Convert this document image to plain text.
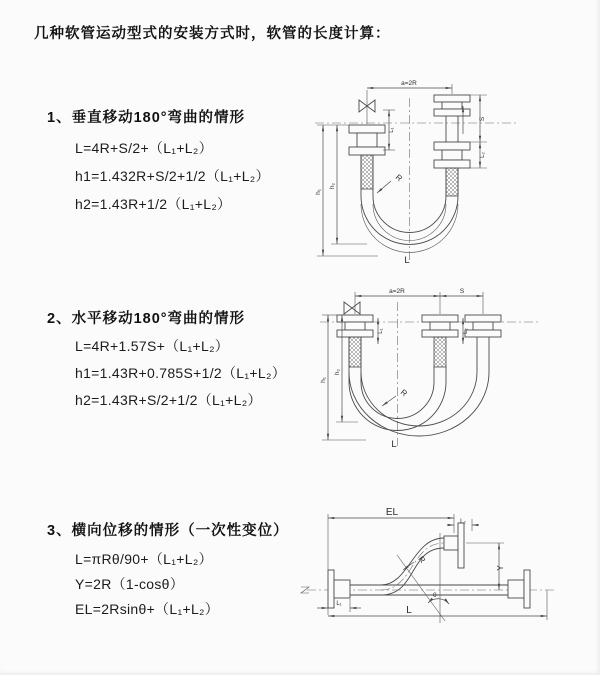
几种软管运动型式的安装方式时，软管的长度计算：
1、垂直移动180°弯曲的情形
L=4R+S/2+（L₁+L₂）
h1=1.432R+S/2+1/2（L₁+L₂）
h2=1.43R+1/2（L₁+L₂）
2、水平移动180°弯曲的情形
L=4R+1.57S+（L₁+L₂）
h1=1.43R+0.785S+1/2（L₁+L₂）
h2=1.43R+S/2+1/2（L₁+L₂）
3、横向位移的情形（一次性变位）
L=πRθ/90+（L₁+L₂）
Y=2R（1-cosθ）
EL=2Rsinθ+（L₁+L₂）
a=2R
S
L₂
L₁
h₁
h₂
R
L
a=2R	S
L₁	L₂
h₁
h₂
R
L
θ
EL
L₂
Y
L₁
L
R
